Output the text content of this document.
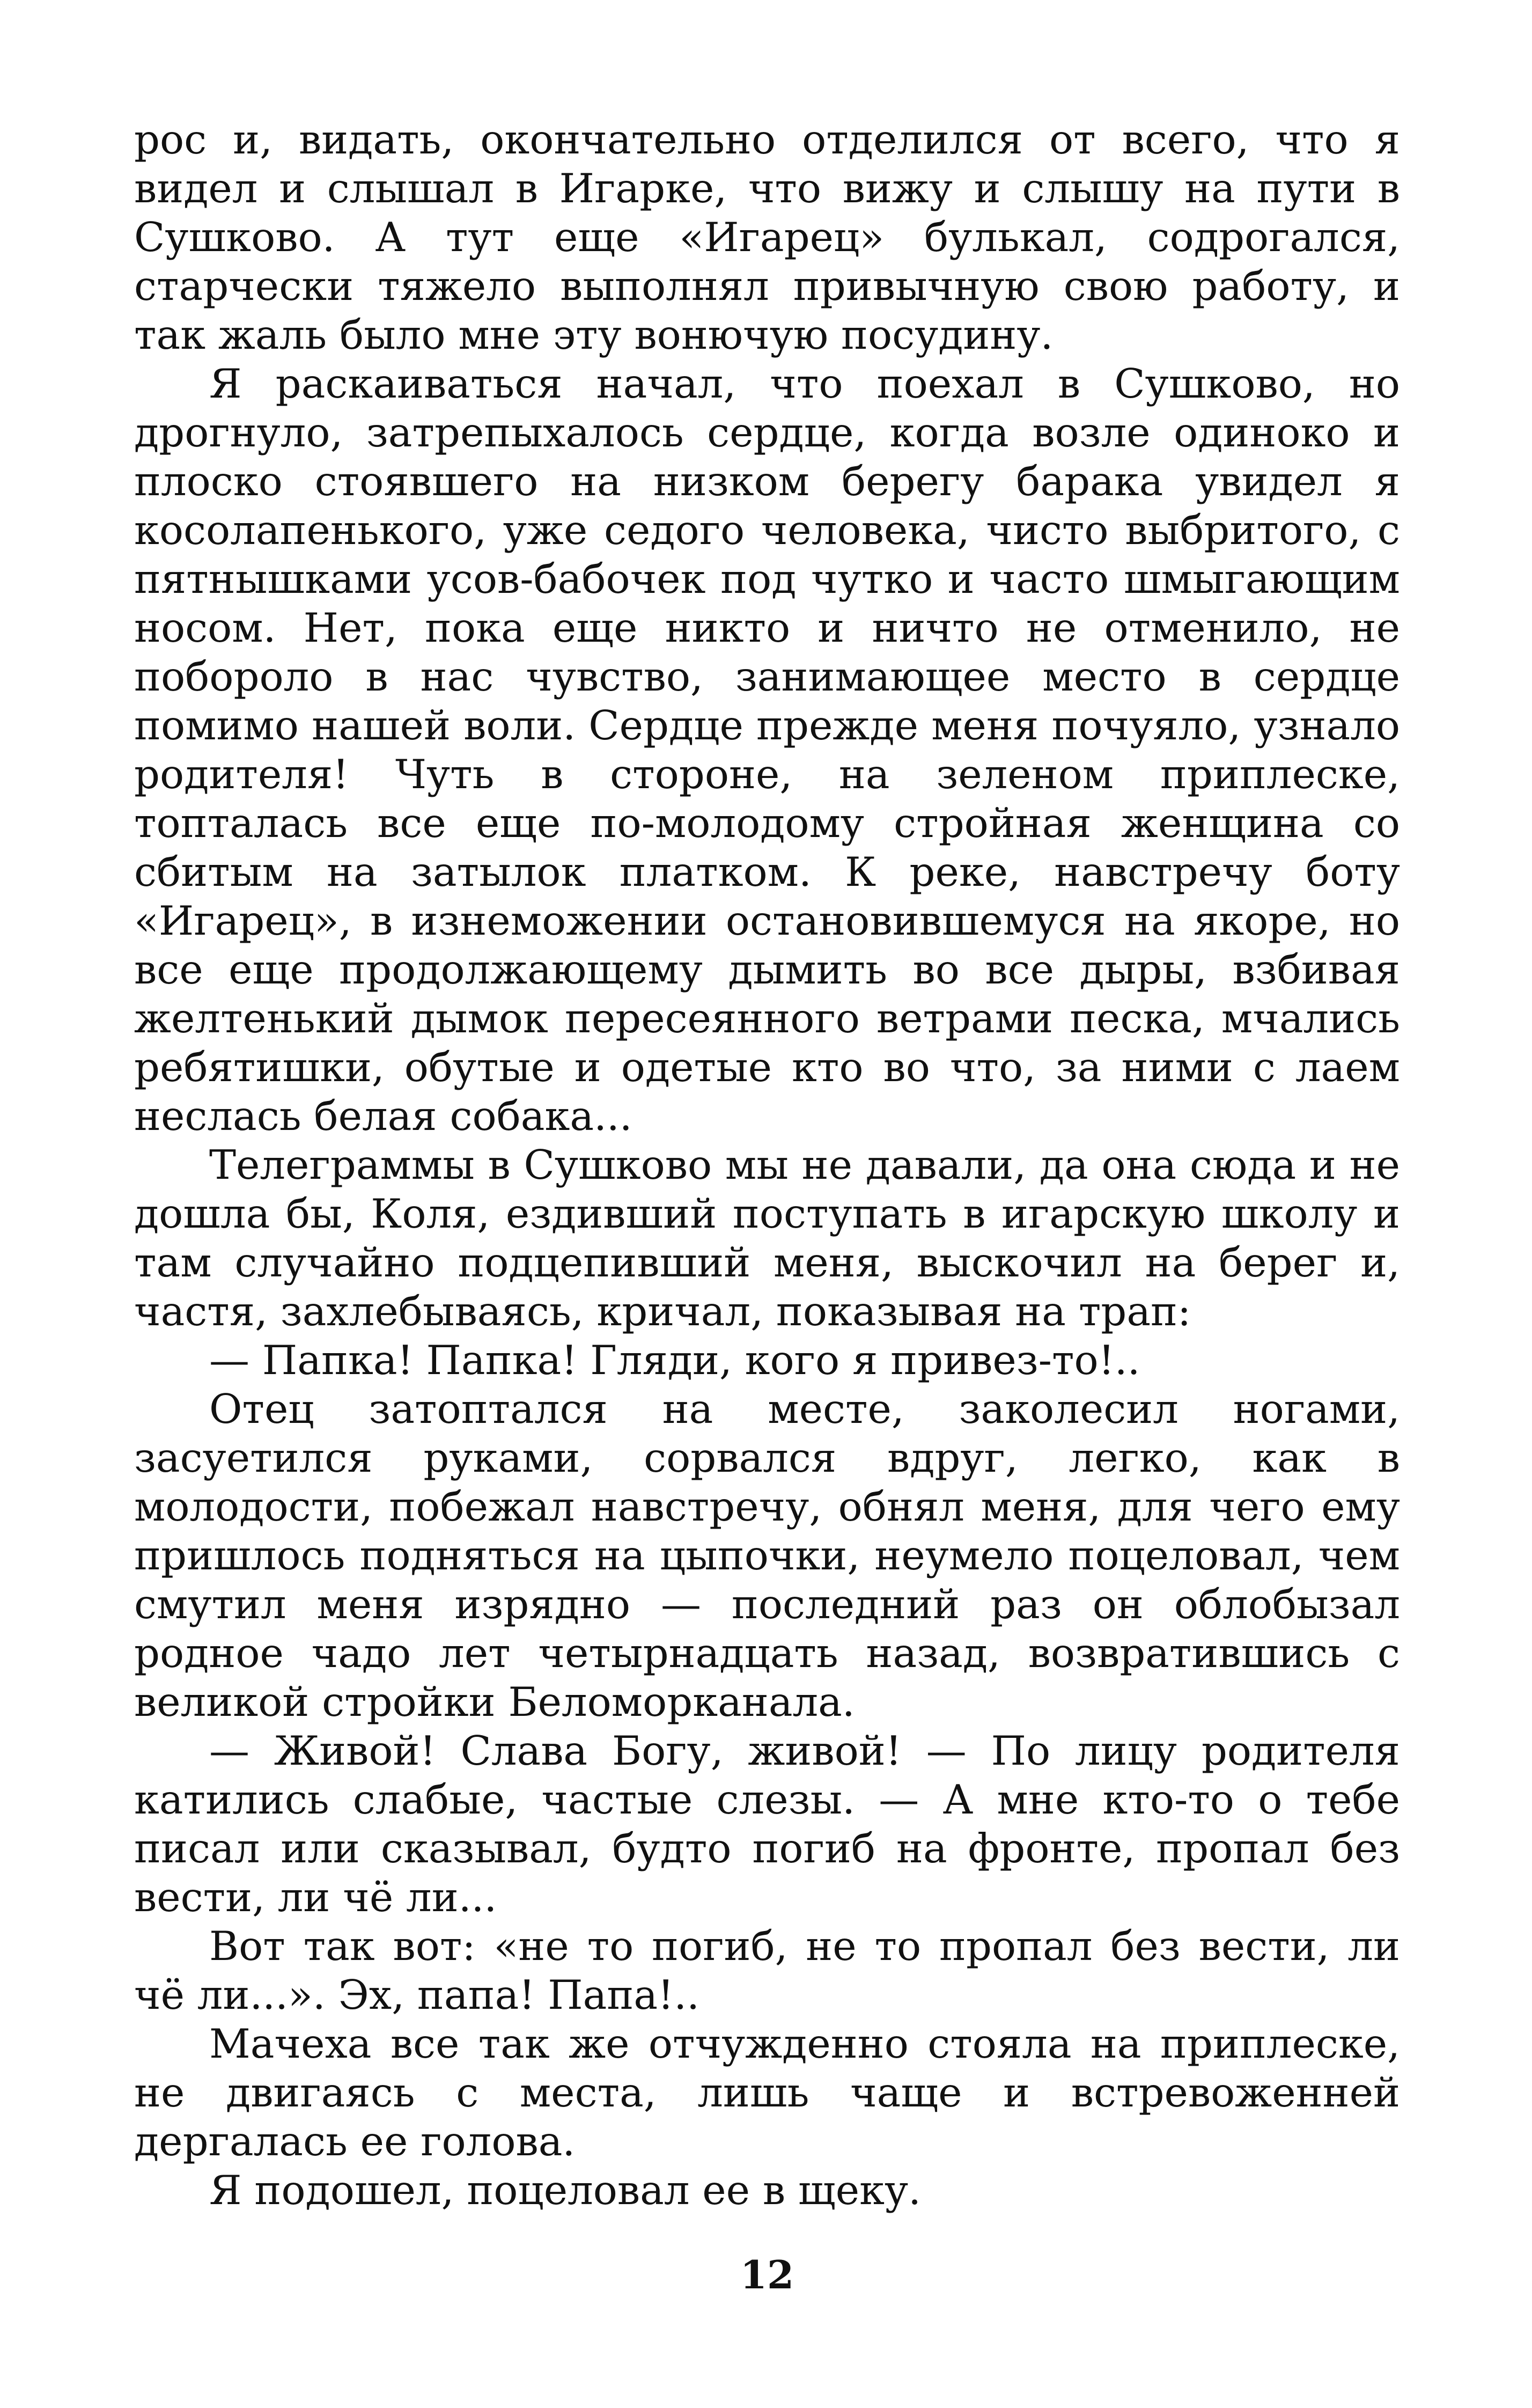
рос и, видать, окончательно отделился от всего, что я видел и слышал в Игарке, что вижу и слышу на пути в Сушково. А тут еще «Игарец» булькал, содрогался, старчески тяжело выполнял привычную свою работу, и так жаль было мне эту вонючую посудину.

Я раскаиваться начал, что поехал в Сушково, но дрогнуло, затрепыхалось сердце, когда возле одиноко и плоско стоявшего на низком берегу барака увидел я косолапенького, уже седого человека, чисто выбритого, с пятнышками усов-бабочек под чутко и часто шмыгающим носом. Нет, пока еще никто и ничто не отменило, не побороло в нас чувство, занимающее место в сердце помимо нашей воли. Сердце прежде меня почуяло, узнало родителя! Чуть в стороне, на зеленом приплеске, топталась все еще по-молодому стройная женщина со сбитым на затылок платком. К реке, навстречу боту «Игарец», в изнеможении остановившемуся на якоре, но все еще продолжающему дымить во все дыры, взбивая желтенький дымок пересеянного ветрами песка, мчались ребятишки, обутые и одетые кто во что, за ними с лаем неслась белая собака...

Телеграммы в Сушково мы не давали, да она сюда и не дошла бы, Коля, ездивший поступать в игарскую школу и там случайно подцепивший меня, выскочил на берег и, частя, захлебываясь, кричал, показывая на трап:

— Папка! Папка! Гляди, кого я привез-то!..

Отец затоптался на месте, заколесил ногами, засуетился руками, сорвался вдруг, легко, как в молодости, побежал навстречу, обнял меня, для чего ему пришлось подняться на цыпочки, неумело поцеловал, чем смутил меня изрядно — последний раз он облобызал родное чадо лет четырнадцать назад, возвратившись с великой стройки Беломорканала.

— Живой! Слава Богу, живой! — По лицу родителя катились слабые, частые слезы. — А мне кто-то о тебе писал или сказывал, будто погиб на фронте, пропал без вести, ли чё ли...

Вот так вот: «не то погиб, не то пропал без вести, ли чё ли...». Эх, папа! Папа!..

Мачеха все так же отчужденно стояла на приплеске, не двигаясь с места, лишь чаще и встревоженней дергалась ее голова.

Я подошел, поцеловал ее в щеку.

12
